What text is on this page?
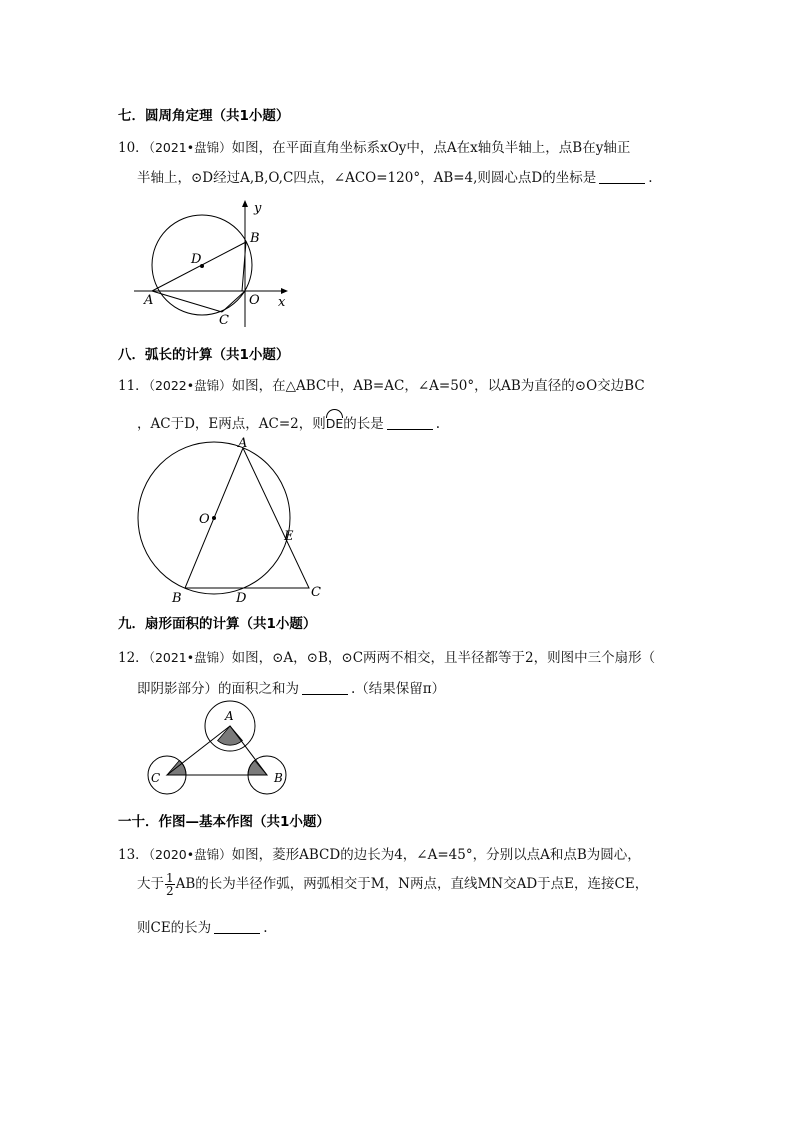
七．圆周角定理（共1小题）
10．（2021•盘锦）如图，在平面直角坐标系xOy中，点A在x轴负半轴上，点B在y轴正
半轴上，⊙D经过A,B,O,C四点，∠ACO=120°，AB=4,则圆心点D的坐标是	.
y
x
B
D
A	O
C
八．弧长的计算（共1小题）
11．（2022•盘锦）如图，在△ABC中，AB=AC，∠A=50°，以AB为直径的⊙O交边BC
，AC于D，E两点，AC=2，则
DE的长是	.
A
O
E
C
B	D
九．扇形面积的计算（共1小题）
12．（2021•盘锦）如图，⊙A，⊙B，⊙C两两不相交，且半径都等于2，则图中三个扇形（
即阴影部分）的面积之和为	.（结果保留π）
A
C	B
一十．作图—基本作图（共1小题）
13．（2020•盘锦）如图，菱形ABCD的边长为4，∠A=45°，分别以点A和点B为圆心，
大于 $\frac{1}{2}$ AB的长为半径作弧，两弧相交于M，N两点，直线MN交AD于点E，连接CE，
则CE的长为	.
